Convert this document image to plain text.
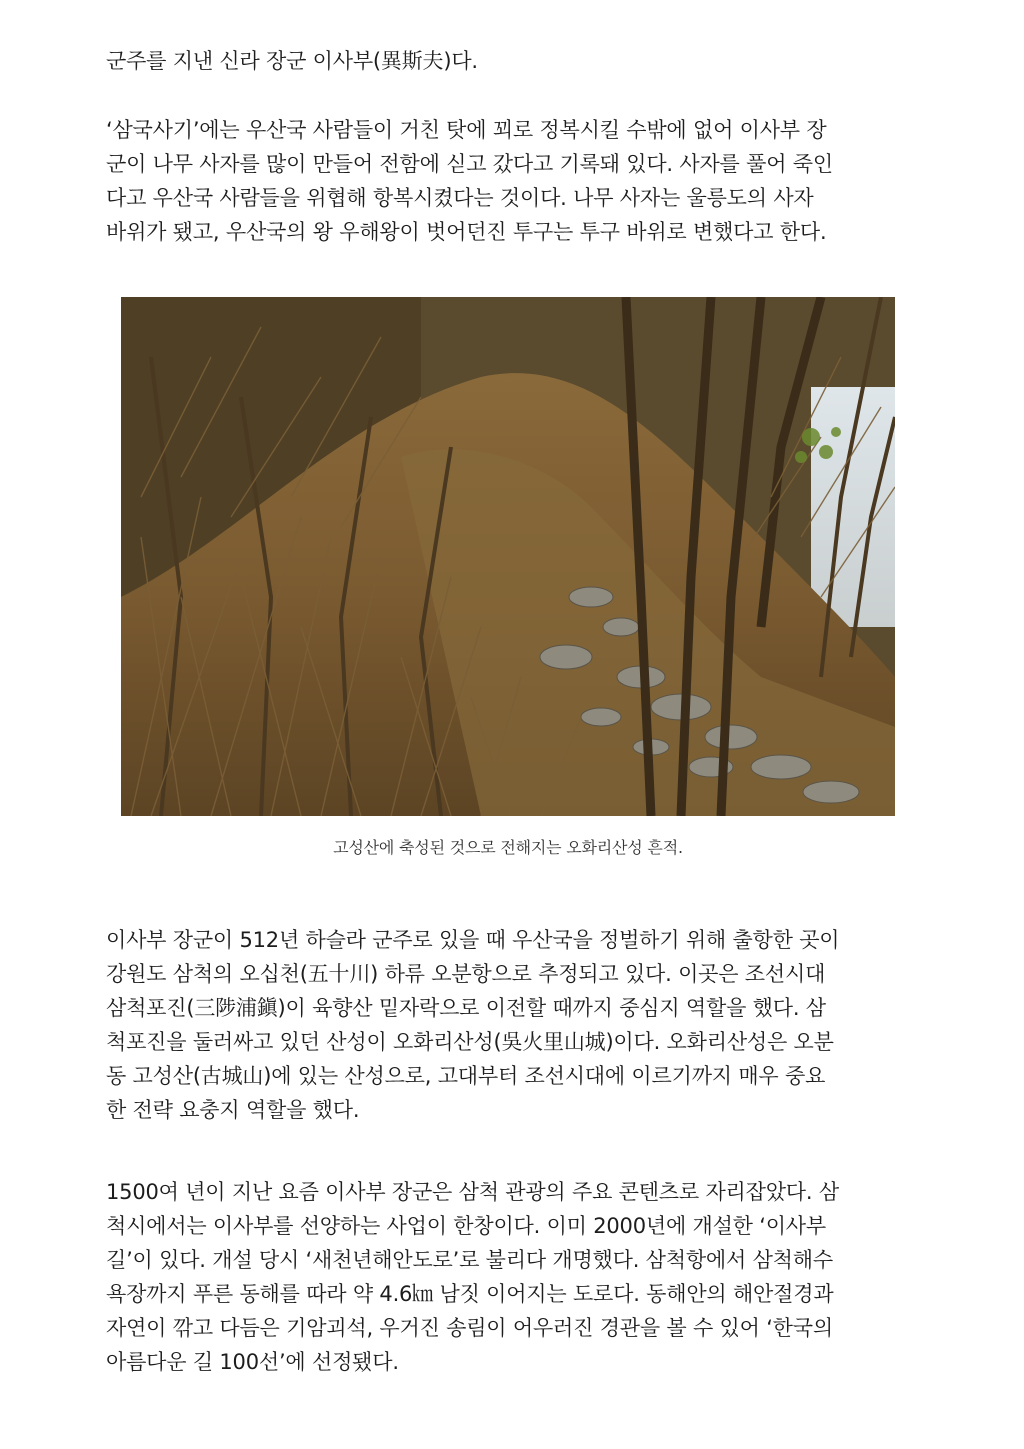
군주를 지낸 신라 장군 이사부(異斯夫)다.

‘삼국사기’에는 우산국 사람들이 거친 탓에 꾀로 정복시킬 수밖에 없어 이사부 장
군이 나무 사자를 많이 만들어 전함에 싣고 갔다고 기록돼 있다. 사자를 풀어 죽인
다고 우산국 사람들을 위협해 항복시켰다는 것이다. 나무 사자는 울릉도의 사자
바위가 됐고, 우산국의 왕 우해왕이 벗어던진 투구는 투구 바위로 변했다고 한다.

고성산에 축성된 것으로 전해지는 오화리산성 흔적.

이사부 장군이 512년 하슬라 군주로 있을 때 우산국을 정벌하기 위해 출항한 곳이
강원도 삼척의 오십천(五十川) 하류 오분항으로 추정되고 있다. 이곳은 조선시대
삼척포진(三陟浦鎭)이 육향산 밑자락으로 이전할 때까지 중심지 역할을 했다. 삼
척포진을 둘러싸고 있던 산성이 오화리산성(吳火里山城)이다. 오화리산성은 오분
동 고성산(古城山)에 있는 산성으로, 고대부터 조선시대에 이르기까지 매우 중요
한 전략 요충지 역할을 했다.

1500여 년이 지난 요즘 이사부 장군은 삼척 관광의 주요 콘텐츠로 자리잡았다. 삼
척시에서는 이사부를 선양하는 사업이 한창이다. 이미 2000년에 개설한 ‘이사부
길’이 있다. 개설 당시 ‘새천년해안도로’로 불리다 개명했다. 삼척항에서 삼척해수
욕장까지 푸른 동해를 따라 약 4.6㎞ 남짓 이어지는 도로다. 동해안의 해안절경과
자연이 깎고 다듬은 기암괴석, 우거진 송림이 어우러진 경관을 볼 수 있어 ‘한국의
아름다운 길 100선’에 선정됐다.
